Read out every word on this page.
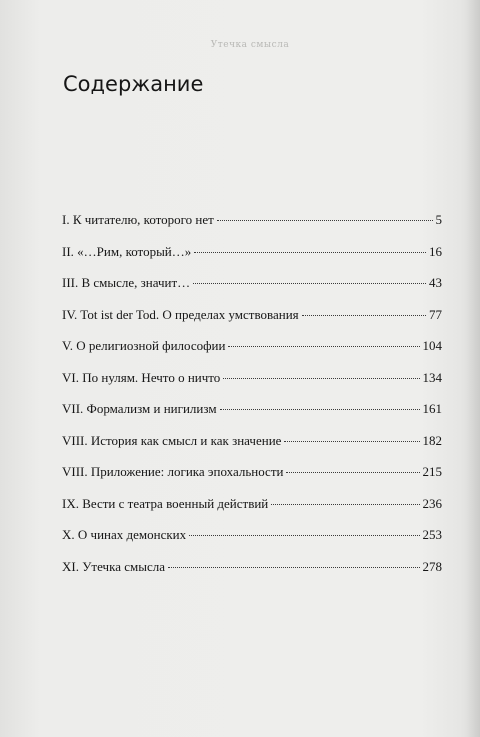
Утечка смысла
Содержание
I. К читателю, которого нет	5
II. «…Рим, который…»	16
III. В смысле, значит…	43
IV. Tot ist der Tod. О пределах умствования	77
V. О религиозной философии	104
VI. По нулям. Нечто о ничто	134
VII. Формализм и нигилизм	161
VIII. История как смысл и как значение	182
VIII. Приложение: логика эпохальности	215
IX. Вести с театра военный действий	236
X. О чинах демонских	253
XI. Утечка смысла	278
